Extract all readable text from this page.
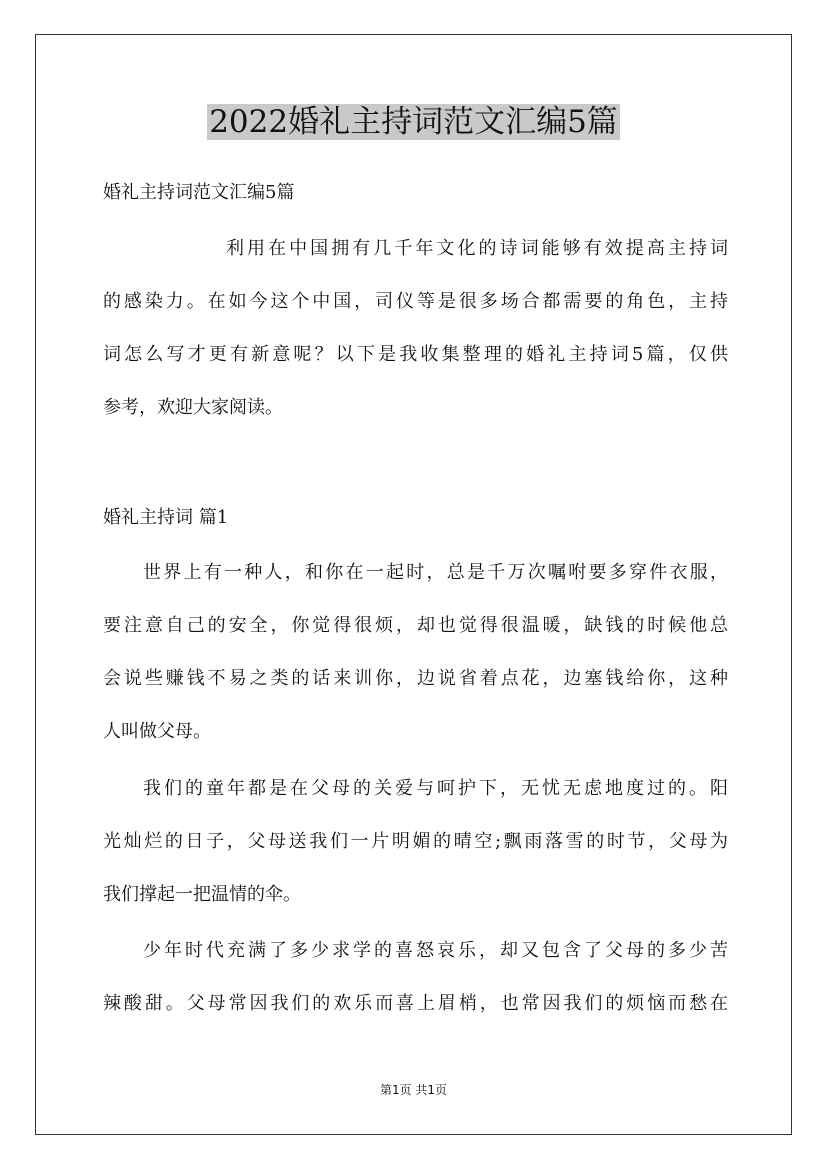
2022婚礼主持词范文汇编5篇

婚礼主持词范文汇编5篇

利用在中国拥有几千年文化的诗词能够有效提高主持词

的感染力。在如今这个中国，司仪等是很多场合都需要的角色，主持

词怎么写才更有新意呢？以下是我收集整理的婚礼主持词5篇，仅供

参考，欢迎大家阅读。

婚礼主持词 篇1

世界上有一种人，和你在一起时，总是千万次嘱咐要多穿件衣服，

要注意自己的安全，你觉得很烦，却也觉得很温暖，缺钱的时候他总

会说些赚钱不易之类的话来训你，边说省着点花，边塞钱给你，这种

人叫做父母。

我们的童年都是在父母的关爱与呵护下，无忧无虑地度过的。阳

光灿烂的日子，父母送我们一片明媚的晴空;飘雨落雪的时节，父母为

我们撑起一把温情的伞。

少年时代充满了多少求学的喜怒哀乐，却又包含了父母的多少苦

辣酸甜。父母常因我们的欢乐而喜上眉梢，也常因我们的烦恼而愁在

第1页 共1页
